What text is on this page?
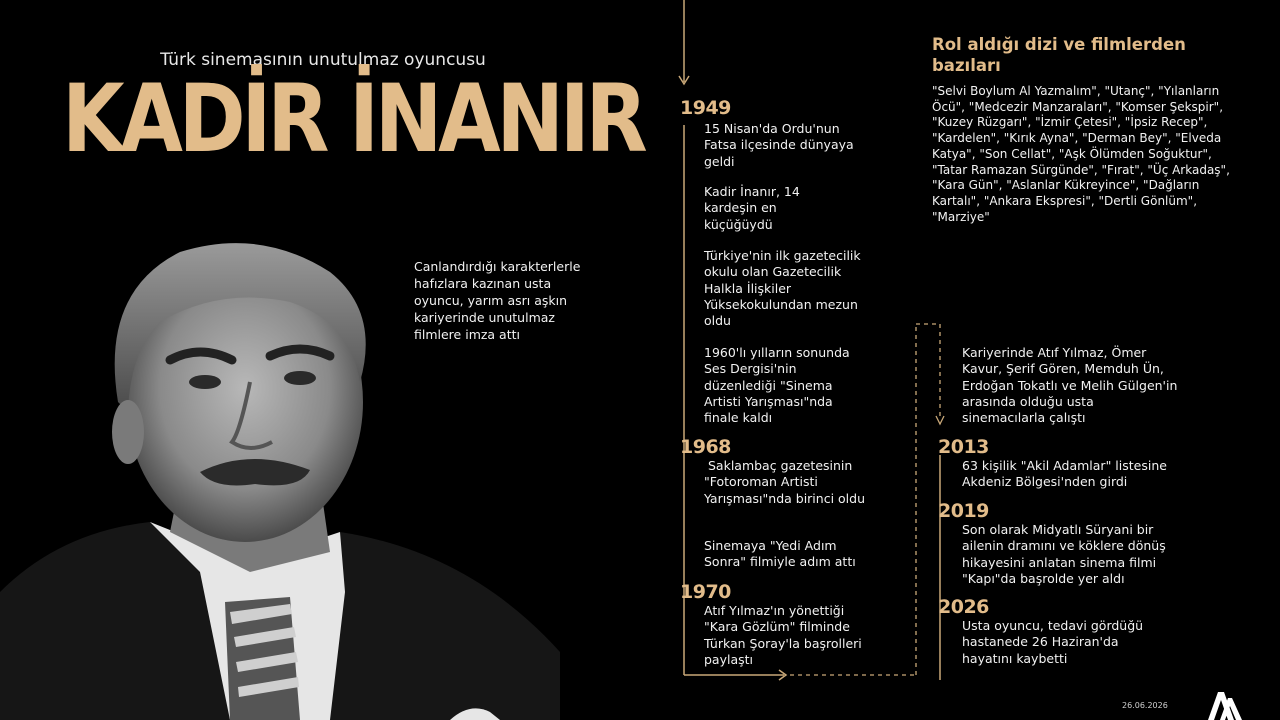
Türk sinemasının unutulmaz oyuncusu
KADİR İNANIR
Canlandırdığı karakterlerle hafızlara kazınan usta oyuncu, yarım asrı aşkın kariyerinde unutulmaz filmlere imza attı
1949
15 Nisan'da Ordu'nun Fatsa ilçesinde dünyaya geldi
Kadir İnanır, 14 kardeşin en küçüğüydü
Türkiye'nin ilk gazetecilik okulu olan Gazetecilik Halkla İlişkiler Yüksekokulundan mezun oldu
1960'lı yılların sonunda Ses Dergisi'nin düzenlediği "Sinema Artisti Yarışması"nda finale kaldı
1968
Saklambaç gazetesinin "Fotoroman Artisti Yarışması"nda birinci oldu
Sinemaya "Yedi Adım Sonra" filmiyle adım attı
1970
Atıf Yılmaz'ın yönettiği "Kara Gözlüm" filminde Türkan Şoray'la başrolleri paylaştı
Kariyerinde Atıf Yılmaz, Ömer Kavur, Şerif Gören, Memduh Ün, Erdoğan Tokatlı ve Melih Gülgen'in arasında olduğu usta sinemacılarla çalıştı
2013
63 kişilik "Akil Adamlar" listesine Akdeniz Bölgesi'nden girdi
2019
Son olarak Midyatlı Süryani bir ailenin dramını ve köklere dönüş hikayesini anlatan sinema filmi "Kapı"da başrolde yer aldı
2026
Usta oyuncu, tedavi gördüğü hastanede 26 Haziran'da hayatını kaybetti
Rol aldığı dizi ve filmlerden bazıları
"Selvi Boylum Al Yazmalım", "Utanç", "Yılanların Öcü", "Medcezir Manzaraları", "Komser Şekspir", "Kuzey Rüzgarı", "İzmir Çetesi", "İpsiz Recep", "Kardelen", "Kırık Ayna", "Derman Bey", "Elveda Katya", "Son Cellat", "Aşk Ölümden Soğuktur", "Tatar Ramazan Sürgünde", "Fırat", "Üç Arkadaş", "Kara Gün", "Aslanlar Kükreyince", "Dağların Kartalı", "Ankara Ekspresi", "Dertli Gönlüm", "Marziye"
26.06.2026
